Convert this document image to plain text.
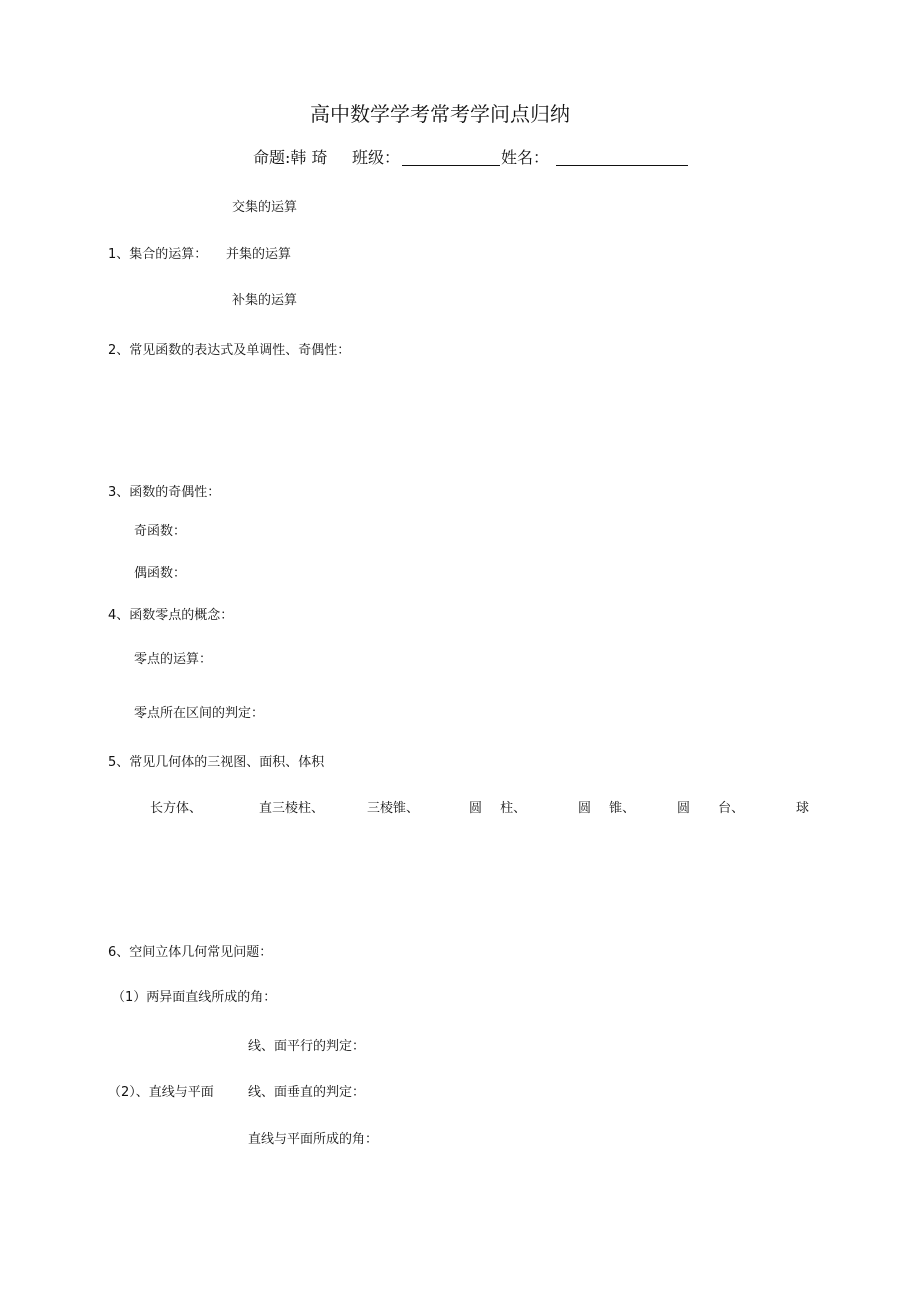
高中数学学考常考学问点归纳
命题:韩 琦 班级：	姓名：
交集的运算
1、集合的运算： 并集的运算
补集的运算
2、常见函数的表达式及单调性、奇偶性：
3、函数的奇偶性：
奇函数：
偶函数：
4、函数零点的概念：
零点的运算：
零点所在区间的判定：
5、常见几何体的三视图、面积、体积
长方体、	直三棱柱、	三棱锥、	圆 柱、	圆 锥、	圆 台、	球
6、空间立体几何常见问题：
（1）两异面直线所成的角：
线、面平行的判定：
（2）、直线与平面	线、面垂直的判定：
直线与平面所成的角：
